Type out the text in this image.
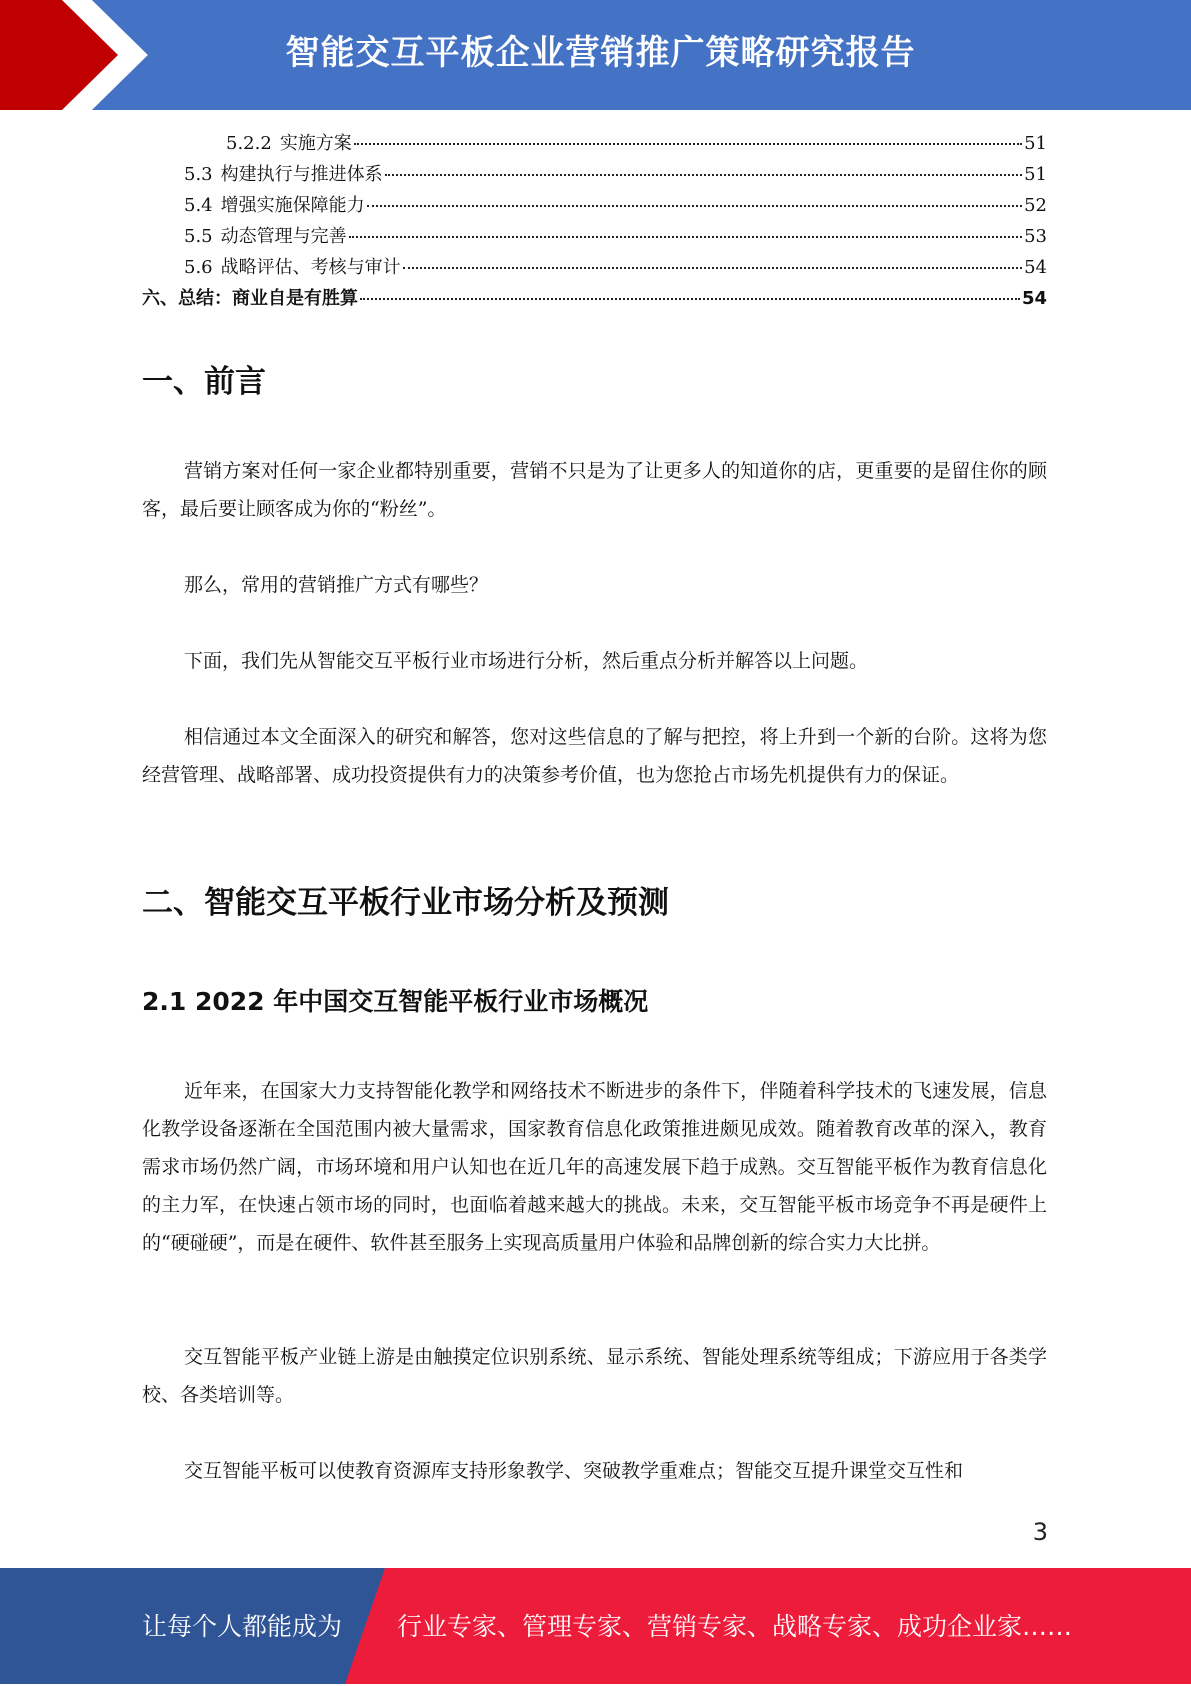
智能交互平板企业营销推广策略研究报告
5.2.2 实施方案	51
5.3 构建执行与推进体系	51
5.4 增强实施保障能力	52
5.5 动态管理与完善	53
5.6 战略评估、考核与审计	54
六、总结：商业自是有胜算	54
一、前言

营销方案对任何一家企业都特别重要，营销不只是为了让更多人的知道你的店，更重要的是留住你的顾客，最后要让顾客成为你的“粉丝”。

那么，常用的营销推广方式有哪些？

下面，我们先从智能交互平板行业市场进行分析，然后重点分析并解答以上问题。

相信通过本文全面深入的研究和解答，您对这些信息的了解与把控，将上升到一个新的台阶。这将为您经营管理、战略部署、成功投资提供有力的决策参考价值，也为您抢占市场先机提供有力的保证。

二、智能交互平板行业市场分析及预测
2.1 2022 年中国交互智能平板行业市场概况

近年来，在国家大力支持智能化教学和网络技术不断进步的条件下，伴随着科学技术的飞速发展，信息化教学设备逐渐在全国范围内被大量需求，国家教育信息化政策推进颇见成效。随着教育改革的深入，教育需求市场仍然广阔，市场环境和用户认知也在近几年的高速发展下趋于成熟。交互智能平板作为教育信息化的主力军，在快速占领市场的同时，也面临着越来越大的挑战。未来，交互智能平板市场竞争不再是硬件上的“硬碰硬”，而是在硬件、软件甚至服务上实现高质量用户体验和品牌创新的综合实力大比拼。

交互智能平板产业链上游是由触摸定位识别系统、显示系统、智能处理系统等组成；下游应用于各类学校、各类培训等。

交互智能平板可以使教育资源库支持形象教学、突破教学重难点；智能交互提升课堂交互性和

3
让每个人都能成为 行业专家、管理专家、营销专家、战略专家、成功企业家……
